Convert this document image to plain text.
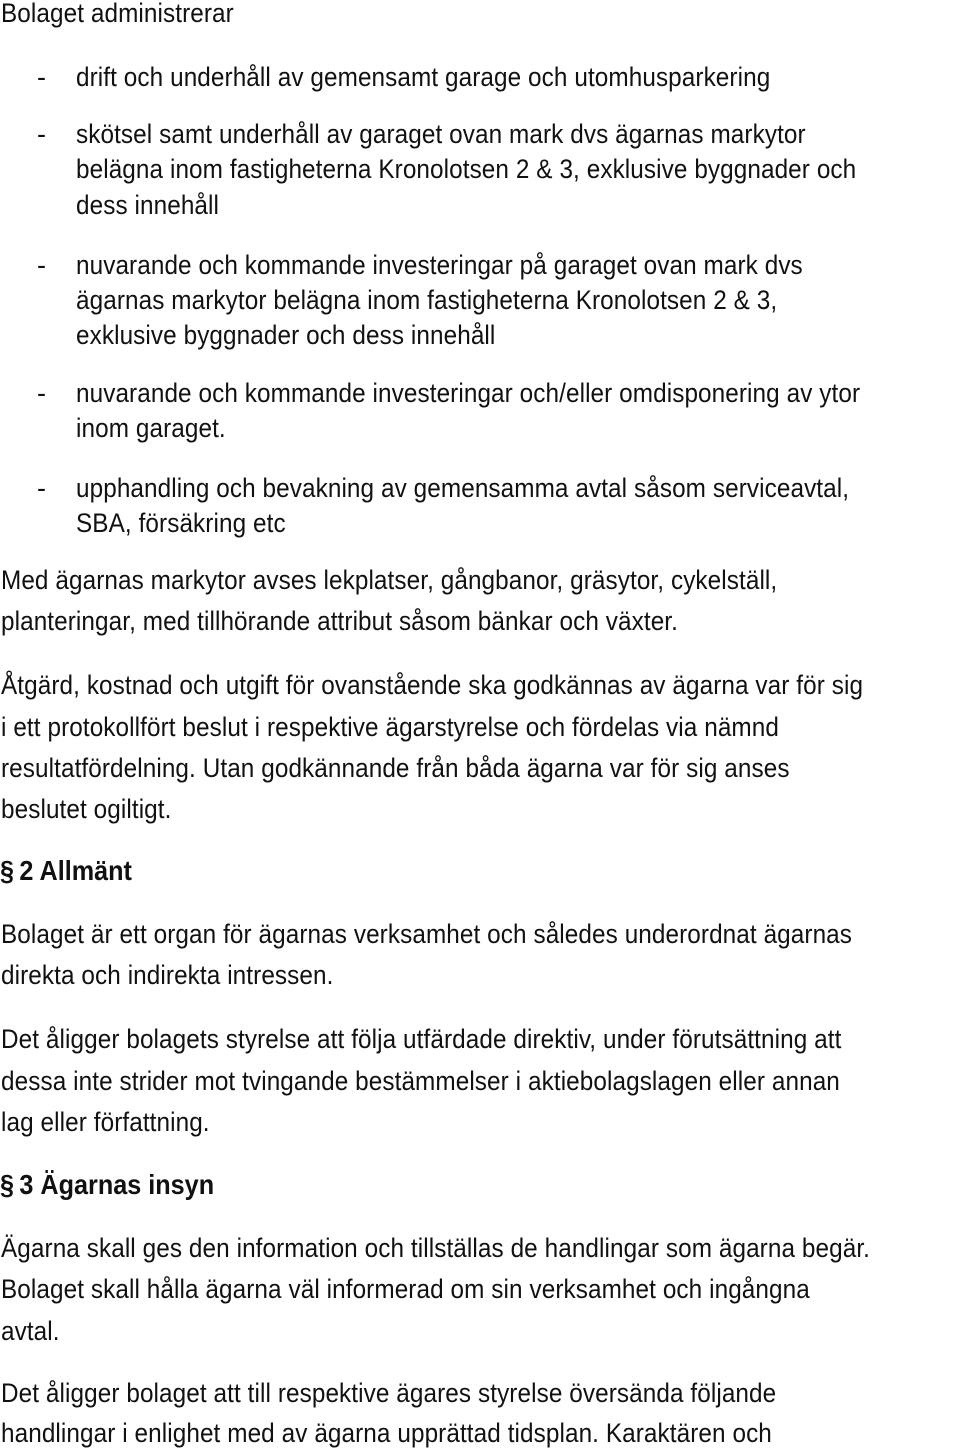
Bolaget administrerar
- drift och underhåll av gemensamt garage och utomhusparkering
- skötsel samt underhåll av garaget ovan mark dvs ägarnas markytor
belägna inom fastigheterna Kronolotsen 2 & 3, exklusive byggnader och
dess innehåll
- nuvarande och kommande investeringar på garaget ovan mark dvs
ägarnas markytor belägna inom fastigheterna Kronolotsen 2 & 3,
exklusive byggnader och dess innehåll
- nuvarande och kommande investeringar och/eller omdisponering av ytor
inom garaget.
- upphandling och bevakning av gemensamma avtal såsom serviceavtal,
SBA, försäkring etc
Med ägarnas markytor avses lekplatser, gångbanor, gräsytor, cykelställ,
planteringar, med tillhörande attribut såsom bänkar och växter.
Åtgärd, kostnad och utgift för ovanstående ska godkännas av ägarna var för sig
i ett protokollfört beslut i respektive ägarstyrelse och fördelas via nämnd
resultatfördelning. Utan godkännande från båda ägarna var för sig anses
beslutet ogiltigt.
§ 2 Allmänt
Bolaget är ett organ för ägarnas verksamhet och således underordnat ägarnas
direkta och indirekta intressen.
Det åligger bolagets styrelse att följa utfärdade direktiv, under förutsättning att
dessa inte strider mot tvingande bestämmelser i aktiebolagslagen eller annan
lag eller författning.
§ 3 Ägarnas insyn
Ägarna skall ges den information och tillställas de handlingar som ägarna begär.
Bolaget skall hålla ägarna väl informerad om sin verksamhet och ingångna
avtal.
Det åligger bolaget att till respektive ägares styrelse översända följande
handlingar i enlighet med av ägarna upprättad tidsplan. Karaktären och
